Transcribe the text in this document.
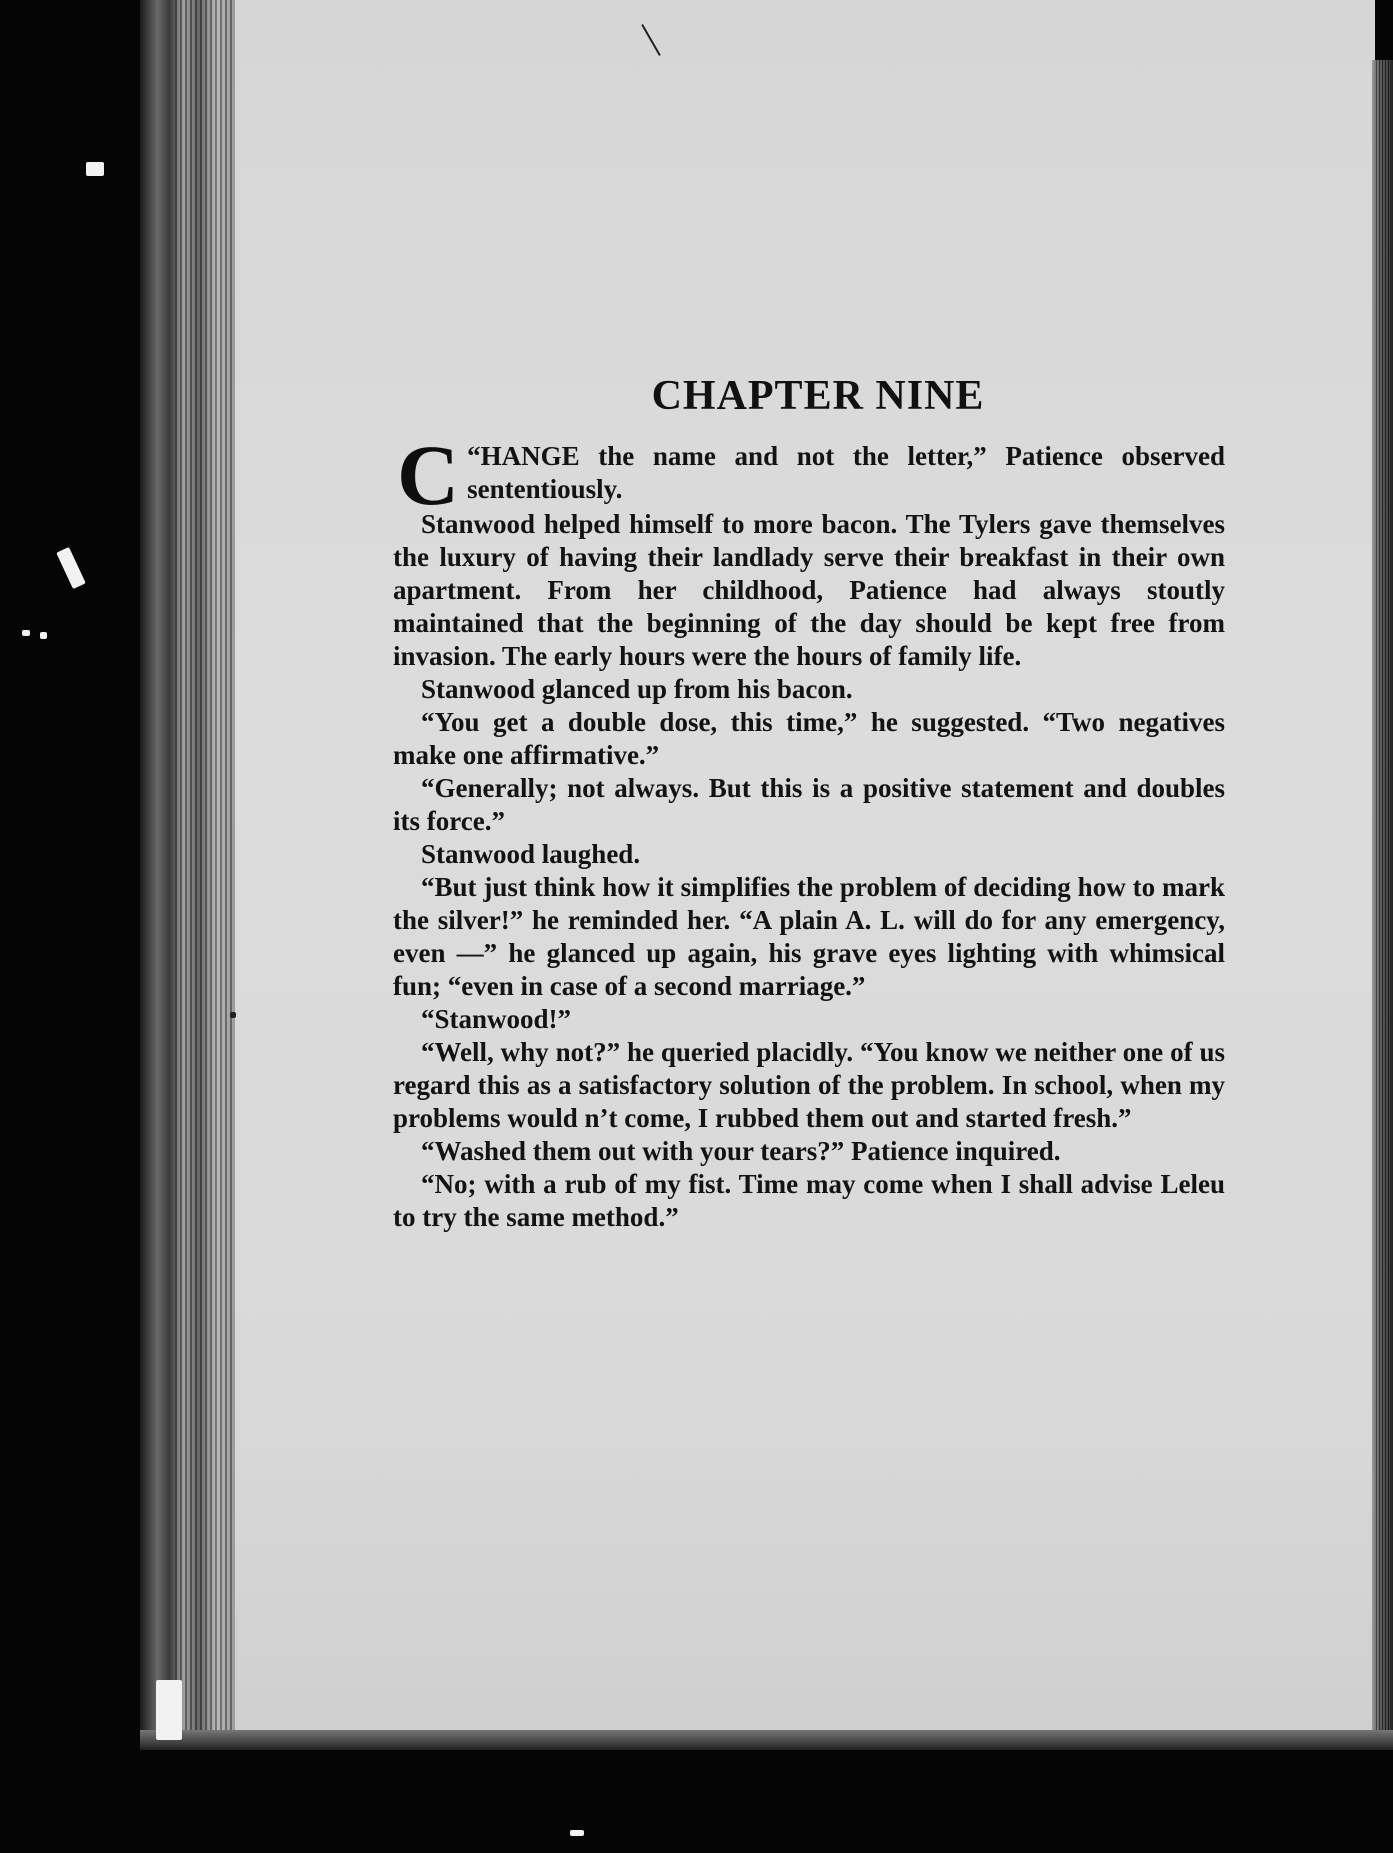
CHAPTER NINE

“
C HANGE the name and not the letter,” Patience observed sententiously.

Stanwood helped himself to more bacon. The Tylers gave themselves the luxury of having their landlady serve their breakfast in their own apartment. From her childhood, Patience had always stoutly maintained that the beginning of the day should be kept free from invasion. The early hours were the hours of family life.

Stanwood glanced up from his bacon.

“You get a double dose, this time,” he suggested. “Two negatives make one affirmative.”

“Generally; not always. But this is a positive statement and doubles its force.”

Stanwood laughed.

“But just think how it simplifies the problem of deciding how to mark the silver!” he reminded her. “A plain A. L. will do for any emergency, even —” he glanced up again, his grave eyes lighting with whimsical fun; “even in case of a second marriage.”

“Stanwood!”

“Well, why not?” he queried placidly. “You know we neither one of us regard this as a satisfactory solution of the problem. In school, when my problems would n’t come, I rubbed them out and started fresh.”

“Washed them out with your tears?” Patience inquired.

“No; with a rub of my fist. Time may come when I shall advise Leleu to try the same method.”
